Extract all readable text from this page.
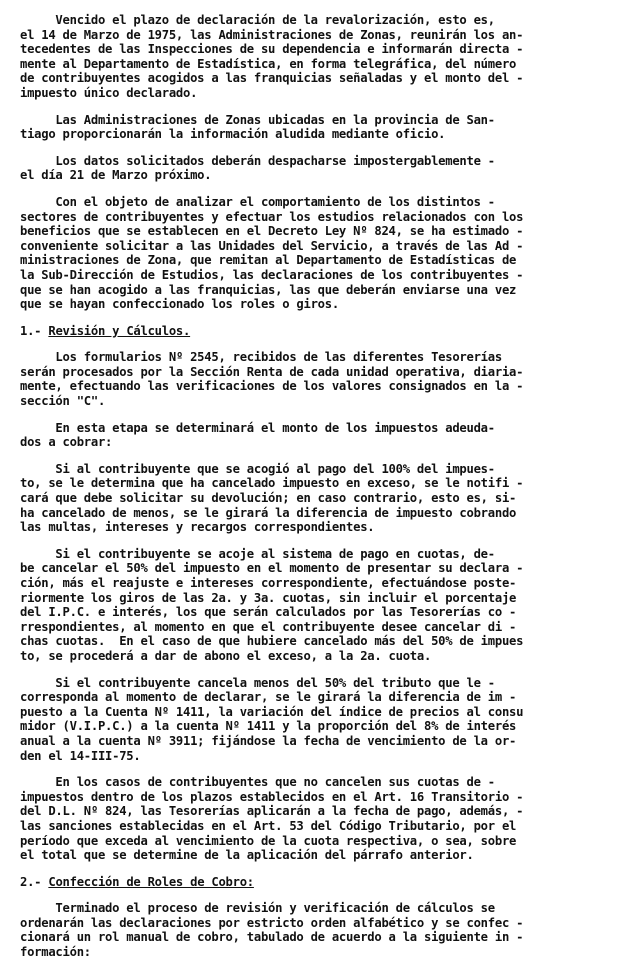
Vencido el plazo de declaración de la revalorización, esto es,
el 14 de Marzo de 1975, las Administraciones de Zonas, reunirán los an-
tecedentes de las Inspecciones de su dependencia e informarán directa -
mente al Departamento de Estadística, en forma telegráfica, del número
de contribuyentes acogidos a las franquicias señaladas y el monto del -
impuesto único declarado.

Las Administraciones de Zonas ubicadas en la provincia de San-
tiago proporcionarán la información aludida mediante oficio.

Los datos solicitados deberán despacharse impostergablemente -
el día 21 de Marzo próximo.

Con el objeto de analizar el comportamiento de los distintos -
sectores de contribuyentes y efectuar los estudios relacionados con los
beneficios que se establecen en el Decreto Ley Nº 824, se ha estimado -
conveniente solicitar a las Unidades del Servicio, a través de las Ad -
ministraciones de Zona, que remitan al Departamento de Estadísticas de
la Sub-Dirección de Estudios, las declaraciones de los contribuyentes -
que se han acogido a las franquicias, las que deberán enviarse una vez
que se hayan confeccionado los roles o giros.

1.- Revisión y Cálculos.

Los formularios Nº 2545, recibidos de las diferentes Tesorerías
serán procesados por la Sección Renta de cada unidad operativa, diaria-
mente, efectuando las verificaciones de los valores consignados en la -
sección "C".

En esta etapa se determinará el monto de los impuestos adeuda-
dos a cobrar:

Si al contribuyente que se acogió al pago del 100% del impues-
to, se le determina que ha cancelado impuesto en exceso, se le notifi -
cará que debe solicitar su devolución; en caso contrario, esto es, si-
ha cancelado de menos, se le girará la diferencia de impuesto cobrando
las multas, intereses y recargos correspondientes.

Si el contribuyente se acoje al sistema de pago en cuotas, de-
be cancelar el 50% del impuesto en el momento de presentar su declara -
ción, más el reajuste e intereses correspondiente, efectuándose poste-
riormente los giros de las 2a. y 3a. cuotas, sin incluir el porcentaje
del I.P.C. e interés, los que serán calculados por las Tesorerías co -
rrespondientes, al momento en que el contribuyente desee cancelar di -
chas cuotas.  En el caso de que hubiere cancelado más del 50% de impues
to, se procederá a dar de abono el exceso, a la 2a. cuota.

Si el contribuyente cancela menos del 50% del tributo que le -
corresponda al momento de declarar, se le girará la diferencia de im -
puesto a la Cuenta Nº 1411, la variación del índice de precios al consu
midor (V.I.P.C.) a la cuenta Nº 1411 y la proporción del 8% de interés
anual a la cuenta Nº 3911; fijándose la fecha de vencimiento de la or-
den el 14-III-75.

En los casos de contribuyentes que no cancelen sus cuotas de -
impuestos dentro de los plazos establecidos en el Art. 16 Transitorio -
del D.L. Nº 824, las Tesorerías aplicarán a la fecha de pago, además, -
las sanciones establecidas en el Art. 53 del Código Tributario, por el
período que exceda al vencimiento de la cuota respectiva, o sea, sobre
el total que se determine de la aplicación del párrafo anterior.

2.- Confección de Roles de Cobro:

Terminado el proceso de revisión y verificación de cálculos se
ordenarán las declaraciones por estricto orden alfabético y se confec -
cionará un rol manual de cobro, tabulado de acuerdo a la siguiente in -
formación:
